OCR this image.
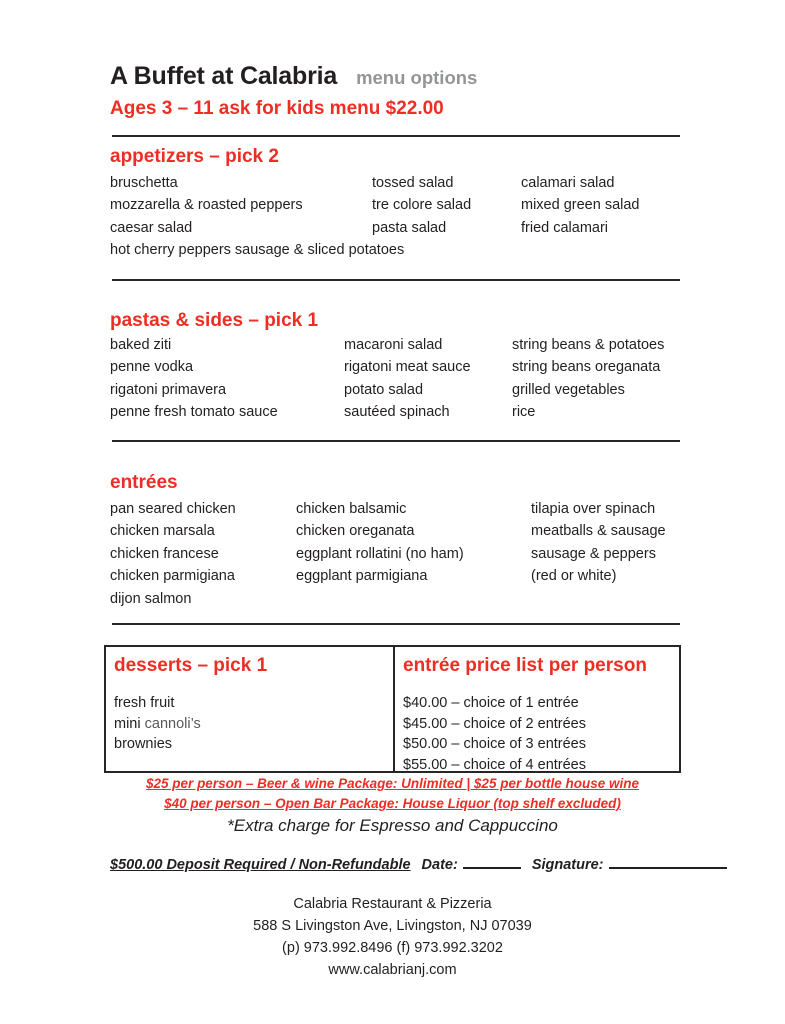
A Buffet at Calabria menu options
Ages 3 – 11 ask for kids menu $22.00
appetizers – pick 2
bruschetta
mozzarella & roasted peppers
caesar salad
hot cherry peppers sausage & sliced potatoes
tossed salad
tre colore salad
pasta salad
calamari salad
mixed green salad
fried calamari
pastas & sides – pick 1
baked ziti
penne vodka
rigatoni primavera
penne fresh tomato sauce
macaroni salad
rigatoni meat sauce
potato salad
sautéed spinach
string beans & potatoes
string beans oreganata
grilled vegetables
rice
entrées
pan seared chicken
chicken marsala
chicken francese
chicken parmigiana
dijon salmon
chicken balsamic
chicken oreganata
eggplant rollatini (no ham)
eggplant parmigiana
tilapia over spinach
meatballs & sausage
sausage & peppers
(red or white)
desserts – pick 1
fresh fruit
mini cannoli’s
brownies
entrée price list per person
$40.00 – choice of 1 entrée
$45.00 – choice of 2 entrées
$50.00 – choice of 3 entrées
$55.00 – choice of 4 entrées
$25 per person – Beer & wine Package: Unlimited | $25 per bottle house wine
$40 per person – Open Bar Package: House Liquor (top shelf excluded)
*Extra charge for Espresso and Cappuccino
$500.00 Deposit Required / Non-Refundable Date:	Signature:
Calabria Restaurant & Pizzeria
588 S Livingston Ave, Livingston, NJ 07039
(p) 973.992.8496 (f) 973.992.3202
www.calabrianj.com
